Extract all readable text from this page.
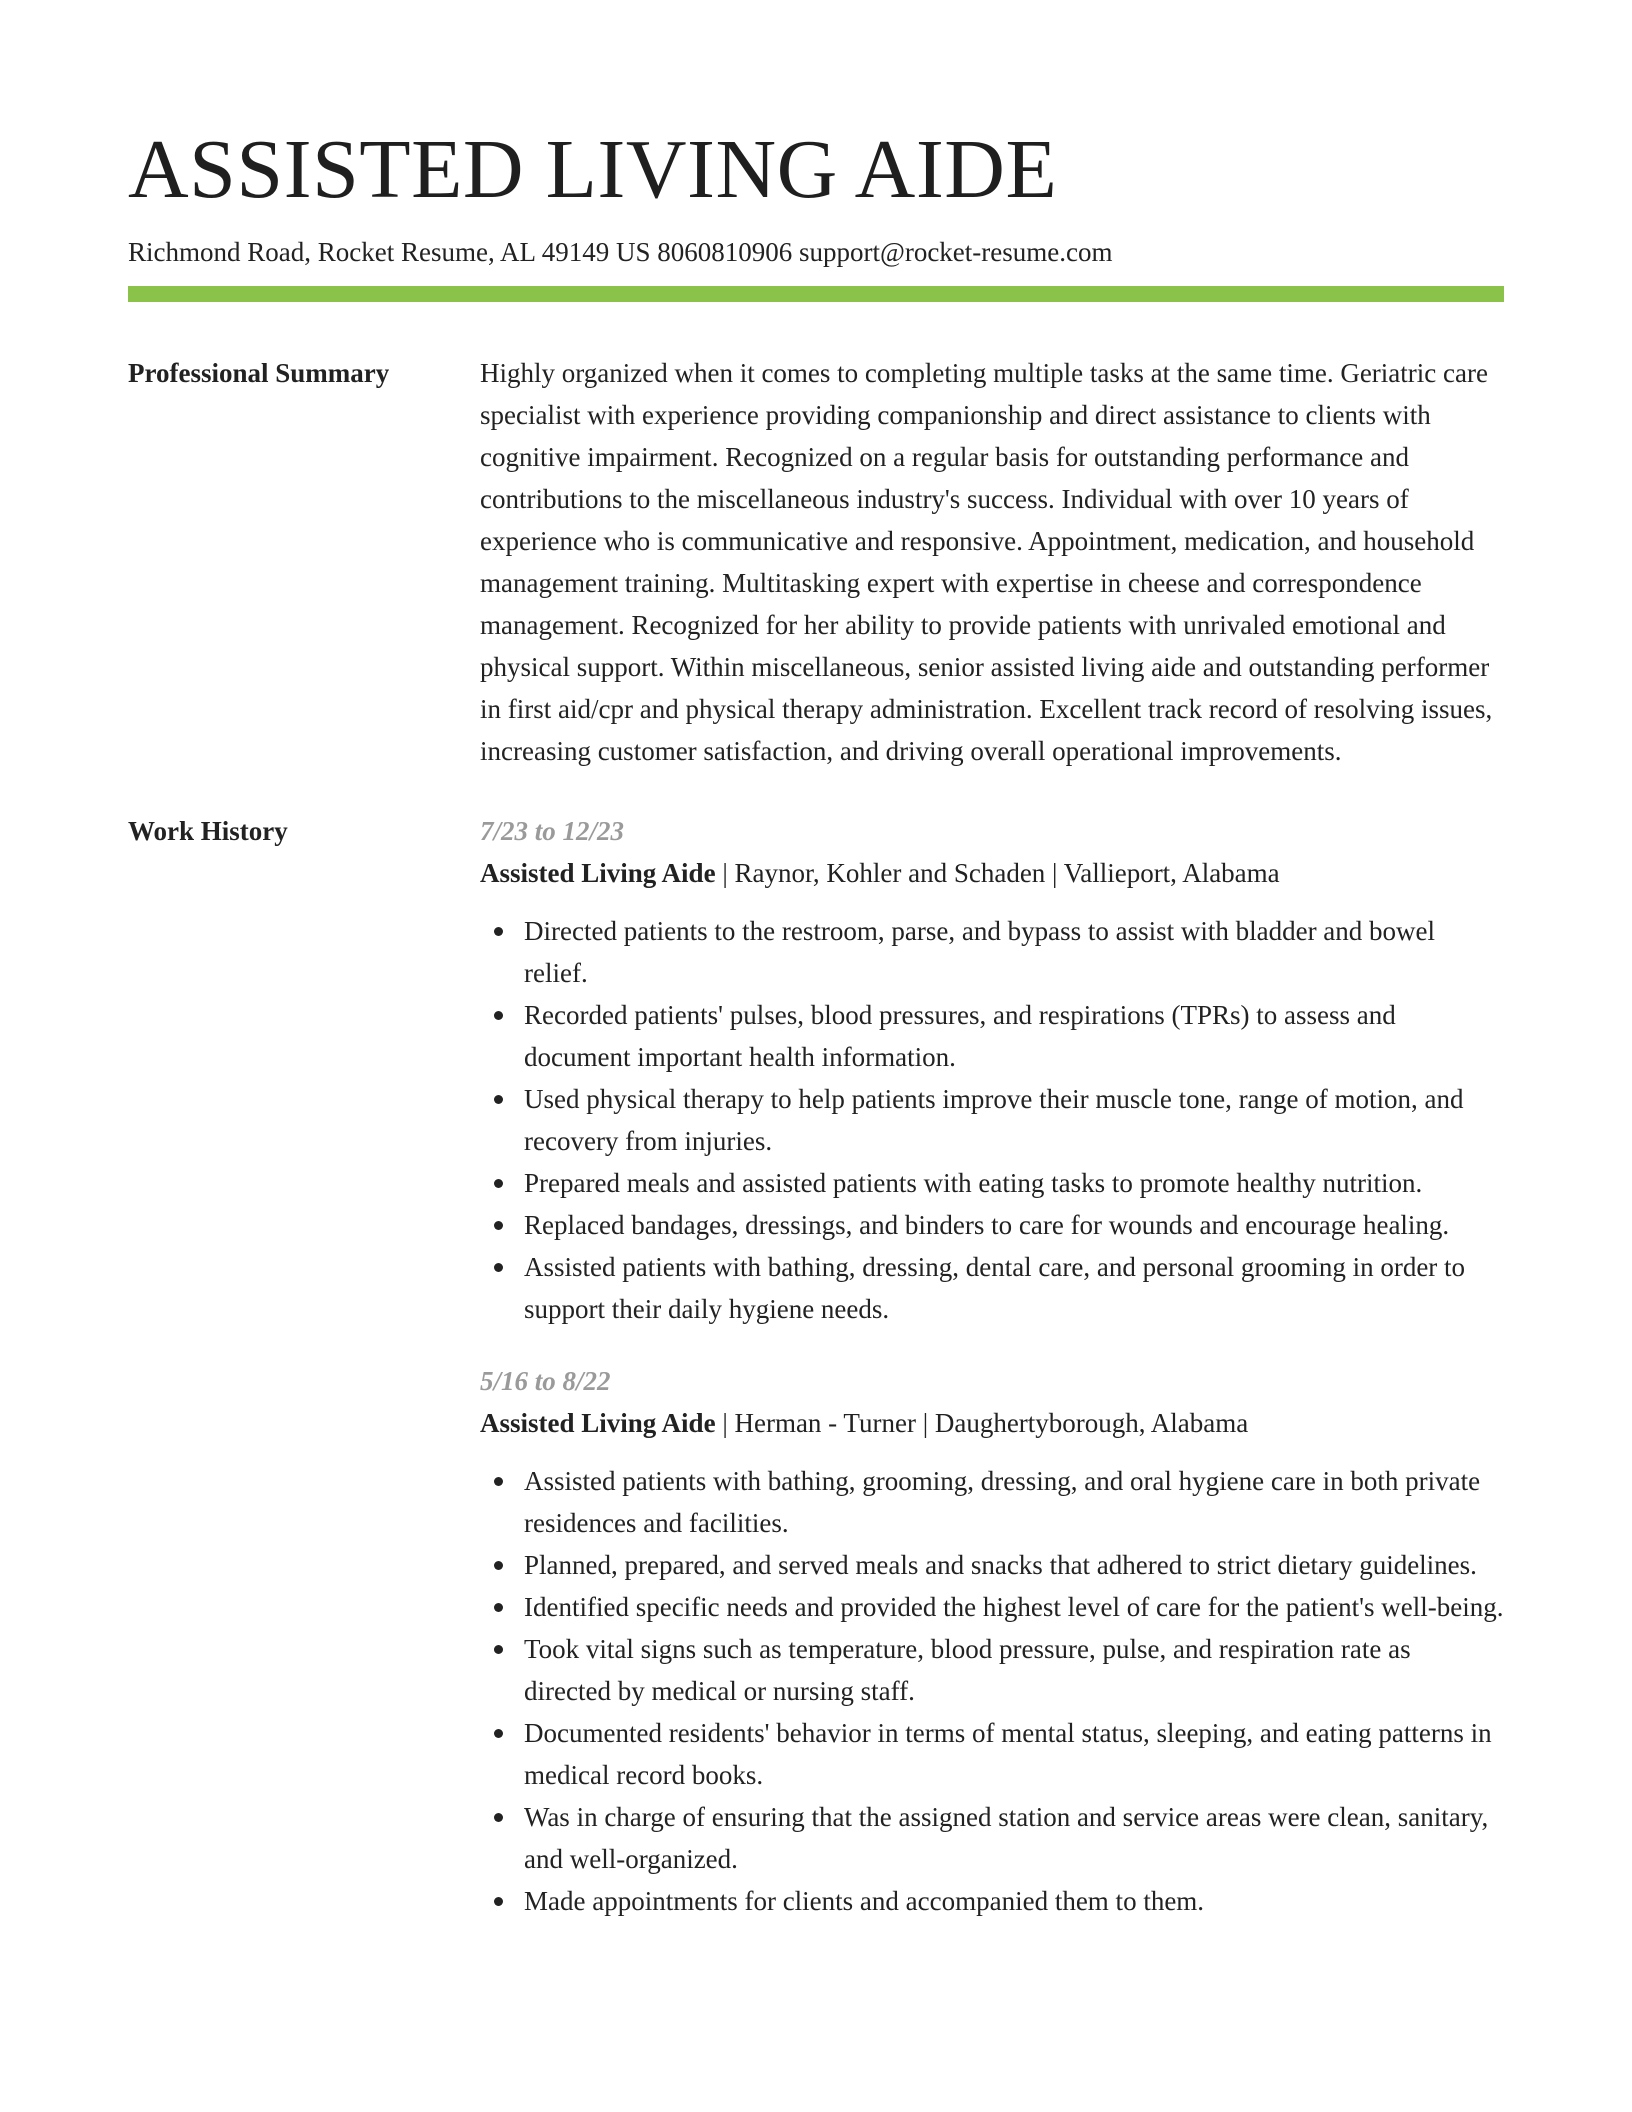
ASSISTED LIVING AIDE
Richmond Road, Rocket Resume, AL 49149 US 8060810906 support@rocket-resume.com
Professional Summary	Highly organized when it comes to completing multiple tasks at the same time. Geriatric care specialist with experience providing companionship and direct assistance to clients with cognitive impairment. Recognized on a regular basis for outstanding performance and contributions to the miscellaneous industry's success. Individual with over 10 years of experience who is communicative and responsive. Appointment, medication, and household management training. Multitasking expert with expertise in cheese and correspondence management. Recognized for her ability to provide patients with unrivaled emotional and physical support. Within miscellaneous, senior assisted living aide and outstanding performer in first aid/cpr and physical therapy administration. Excellent track record of resolving issues, increasing customer satisfaction, and driving overall operational improvements.

Work History	7/23 to 12/23
Assisted Living Aide | Raynor, Kohler and Schaden | Vallieport, Alabama
Directed patients to the restroom, parse, and bypass to assist with bladder and bowel relief.
Recorded patients' pulses, blood pressures, and respirations (TPRs) to assess and document important health information.
Used physical therapy to help patients improve their muscle tone, range of motion, and recovery from injuries.
Prepared meals and assisted patients with eating tasks to promote healthy nutrition.
Replaced bandages, dressings, and binders to care for wounds and encourage healing.
Assisted patients with bathing, dressing, dental care, and personal grooming in order to support their daily hygiene needs.
5/16 to 8/22
Assisted Living Aide | Herman - Turner | Daughertyborough, Alabama
Assisted patients with bathing, grooming, dressing, and oral hygiene care in both private residences and facilities.
Planned, prepared, and served meals and snacks that adhered to strict dietary guidelines.
Identified specific needs and provided the highest level of care for the patient's well-being.
Took vital signs such as temperature, blood pressure, pulse, and respiration rate as directed by medical or nursing staff.
Documented residents' behavior in terms of mental status, sleeping, and eating patterns in medical record books.
Was in charge of ensuring that the assigned station and service areas were clean, sanitary, and well-organized.
Made appointments for clients and accompanied them to them.
